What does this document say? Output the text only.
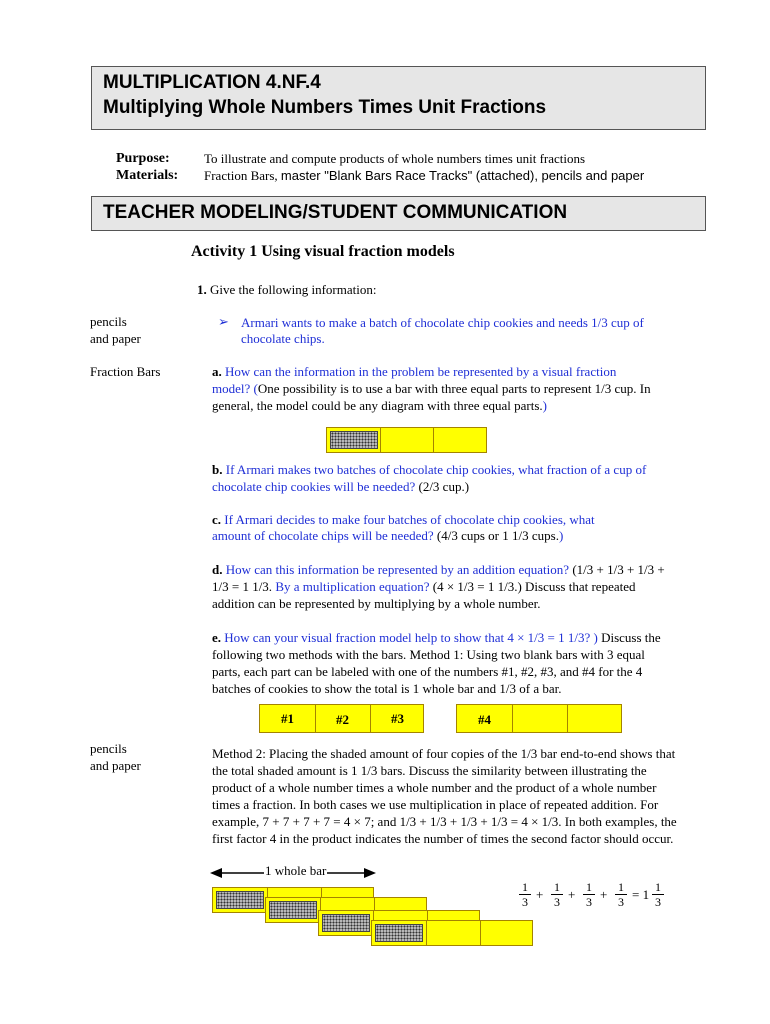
MULTIPLICATION 4.NF.4
Multiplying Whole Numbers Times Unit Fractions
Purpose:	To illustrate and compute products of whole numbers times unit fractions
Materials: Fraction Bars, master "Blank Bars Race Tracks" (attached), pencils and paper
TEACHER MODELING/STUDENT COMMUNICATION
Activity 1 Using visual fraction models
1. Give the following information:
pencils
and paper
Fraction Bars
pencils
and paper
➢ Armari wants to make a batch of chocolate chip cookies and needs 1/3 cup of
chocolate chips.
a. How can the information in the problem be represented by a visual fraction
model? (One possibility is to use a bar with three equal parts to represent 1/3 cup. In
general, the model could be any diagram with three equal parts.)
b. If Armari makes two batches of chocolate chip cookies, what fraction of a cup of
chocolate chip cookies will be needed? (2/3 cup.)
c. If Armari decides to make four batches of chocolate chip cookies, what
amount of chocolate chips will be needed? (4/3 cups or 1 1/3 cups.)
d. How can this information be represented by an addition equation? (1/3 + 1/3 + 1/3 +
1/3 = 1 1/3. By a multiplication equation? (4 × 1/3 = 1 1/3.) Discuss that repeated
addition can be represented by multiplying by a whole number.
e. How can your visual fraction model help to show that 4 × 1/3 = 1 1/3? ) Discuss the
following two methods with the bars. Method 1: Using two blank bars with 3 equal
parts, each part can be labeled with one of the numbers #1, #2, #3, and #4 for the 4
batches of cookies to show the total is 1 whole bar and 1/3 of a bar.
#1	#2	#3	#4
Method 2: Placing the shaded amount of four copies of the 1/3 bar end-to-end shows that
the total shaded amount is 1 1/3 bars. Discuss the similarity between illustrating the
product of a whole number times a whole number and the product of a whole number
times a fraction. In both cases we use multiplication in place of repeated addition. For
example, 7 + 7 + 7 + 7 = 4 × 7; and 1/3 + 1/3 + 1/3 + 1/3 = 4 × 1/3. In both examples, the
first factor 4 in the product indicates the number of times the second factor should occur.
1 whole bar
$\frac{1}{3} + \frac{1}{3} + \frac{1}{3} + \frac{1}{3} = 1 \frac{1}{3}$
